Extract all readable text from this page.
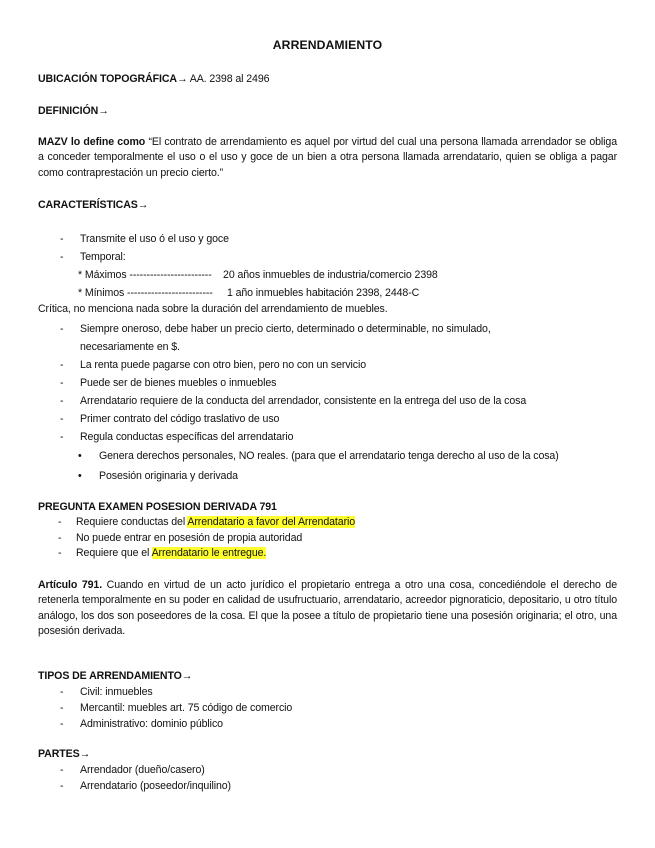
ARRENDAMIENTO
UBICACIÓN TOPOGRÁFICA→ AA. 2398 al 2496
DEFINICIÓN→
MAZV lo define como “El contrato de arrendamiento es aquel por virtud del cual una persona llamada arrendador se obliga a conceder temporalmente el uso o el uso y goce de un bien a otra persona llamada arrendatario, quien se obliga a pagar como contraprestación un precio cierto.”
CARACTERÍSTICAS→
- Transmite el uso ó el uso y goce
- Temporal:
* Máximos ------------------------    20 años inmuebles de industria/comercio 2398
* Mínimos -------------------------     1 año inmuebles habitación 2398, 2448-C
Crítica, no menciona nada sobre la duración del arrendamiento de muebles.
- Siempre oneroso, debe haber un precio cierto, determinado o determinable, no simulado, necesariamente en $.
- La renta puede pagarse con otro bien, pero no con un servicio
- Puede ser de bienes muebles o inmuebles
- Arrendatario requiere de la conducta del arrendador, consistente en la entrega del uso de la cosa
- Primer contrato del código traslativo de uso
- Regula conductas específicas del arrendatario
• Genera derechos personales, NO reales. (para que el arrendatario tenga derecho al uso de la cosa)
• Posesión originaria y derivada
PREGUNTA EXAMEN POSESION DERIVADA 791
- Requiere conductas del Arrendatario a favor del Arrendatario
- No puede entrar en posesión de propia autoridad
- Requiere que el Arrendatario le entregue.
Artículo 791. Cuando en virtud de un acto jurídico el propietario entrega a otro una cosa, concediéndole el derecho de retenerla temporalmente en su poder en calidad de usufructuario, arrendatario, acreedor pignoraticio, depositario, u otro título análogo, los dos son poseedores de la cosa. El que la posee a título de propietario tiene una posesión originaria; el otro, una posesión derivada.
TIPOS DE ARRENDAMIENTO→
- Civil: inmuebles
- Mercantil: muebles art. 75 código de comercio
- Administrativo: dominio público
PARTES→
- Arrendador (dueño/casero)
- Arrendatario (poseedor/inquilino)
